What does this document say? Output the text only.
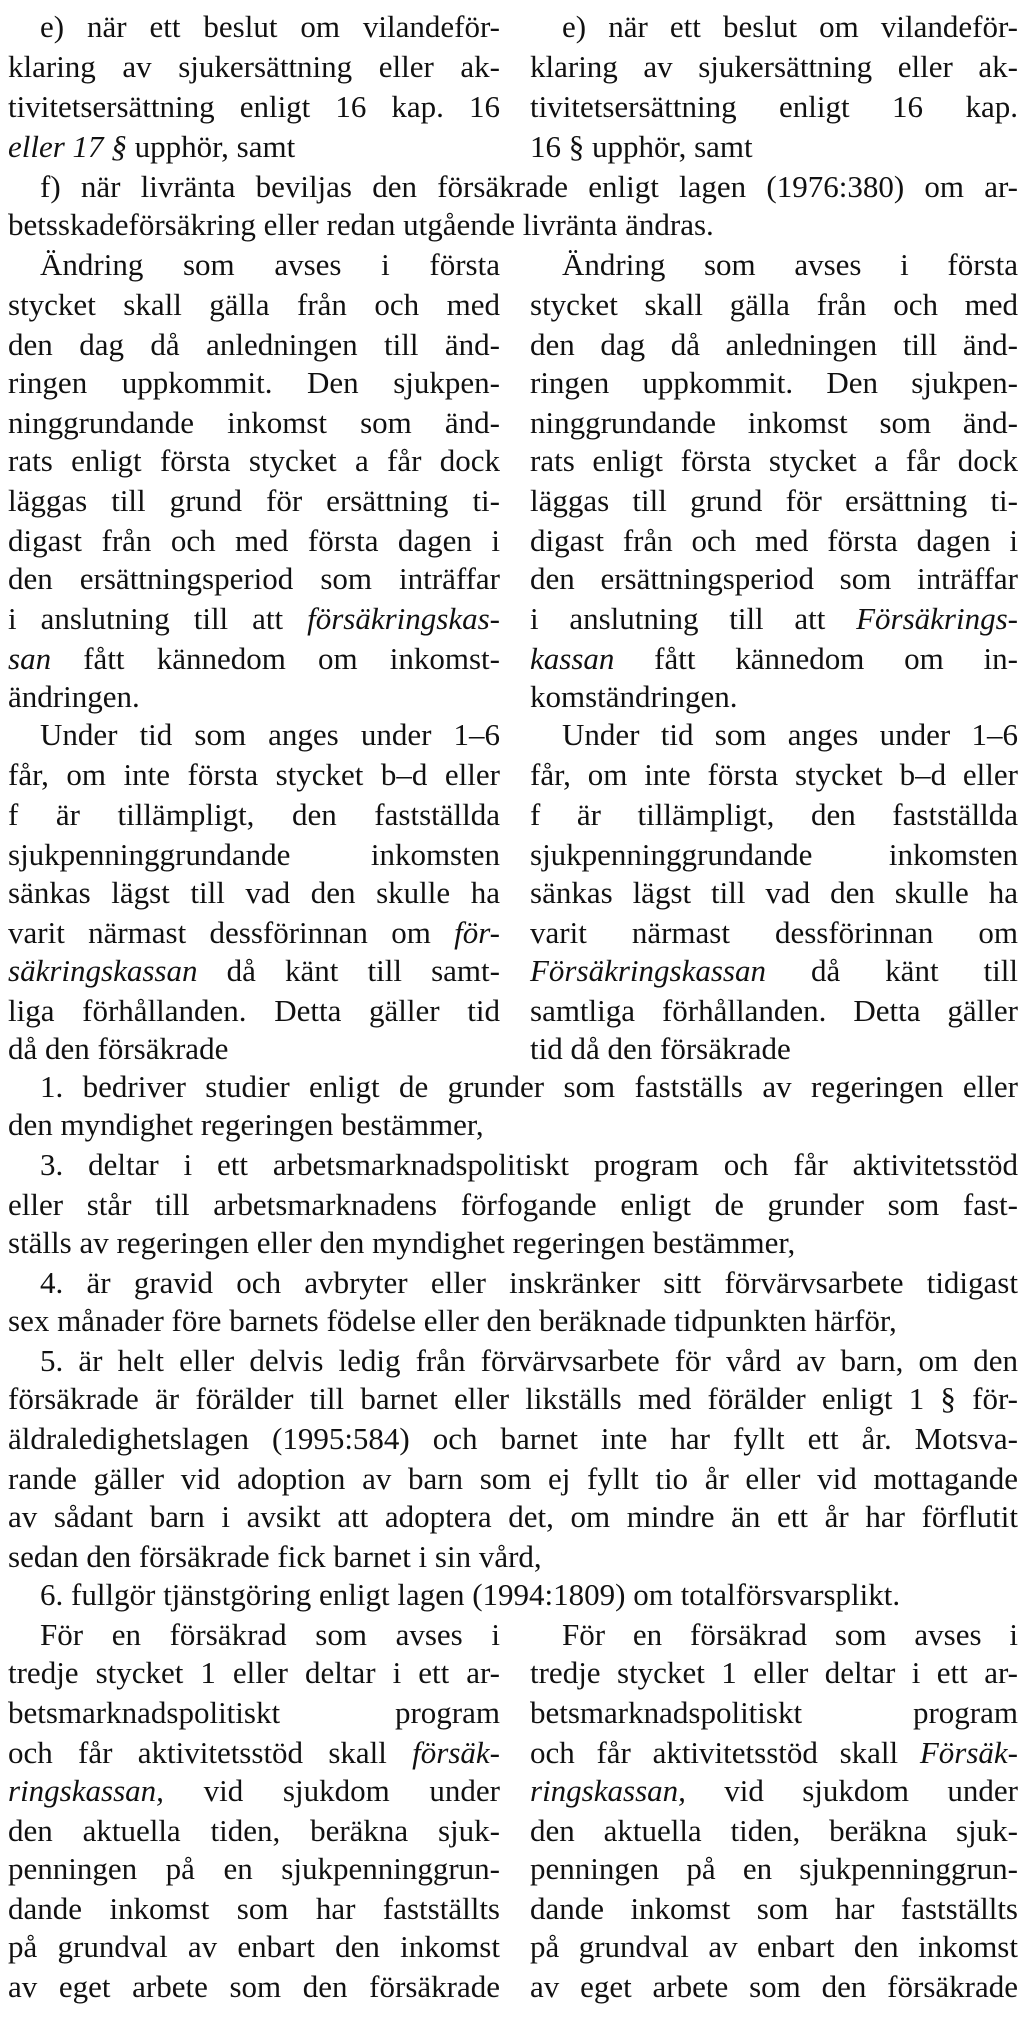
e) när ett beslut om vilandeför-
klaring av sjukersättning eller ak-
tivitetsersättning enligt 16 kap. 16
eller 17 § upphör, samt
e) när ett beslut om vilandeför-
klaring av sjukersättning eller ak-
tivitetsersättning enligt 16 kap.
16 § upphör, samt
f) när livränta beviljas den försäkrade enligt lagen (1976:380) om ar-
betsskadeförsäkring eller redan utgående livränta ändras.
Ändring som avses i första
stycket skall gälla från och med
den dag då anledningen till änd-
ringen uppkommit. Den sjukpen-
ninggrundande inkomst som änd-
rats enligt första stycket a får dock
läggas till grund för ersättning ti-
digast från och med första dagen i
den ersättningsperiod som inträffar
i anslutning till att försäkringskas-
san fått kännedom om inkomst-
ändringen.
Ändring som avses i första
stycket skall gälla från och med
den dag då anledningen till änd-
ringen uppkommit. Den sjukpen-
ninggrundande inkomst som änd-
rats enligt första stycket a får dock
läggas till grund för ersättning ti-
digast från och med första dagen i
den ersättningsperiod som inträffar
i anslutning till att Försäkrings-
kassan fått kännedom om in-
komständringen.
Under tid som anges under 1–6
får, om inte första stycket b–d eller
f är tillämpligt, den fastställda
sjukpenninggrundande inkomsten
sänkas lägst till vad den skulle ha
varit närmast dessförinnan om för-
säkringskassan då känt till samt-
liga förhållanden. Detta gäller tid
då den försäkrade
Under tid som anges under 1–6
får, om inte första stycket b–d eller
f är tillämpligt, den fastställda
sjukpenninggrundande inkomsten
sänkas lägst till vad den skulle ha
varit närmast dessförinnan om
Försäkringskassan då känt till
samtliga förhållanden. Detta gäller
tid då den försäkrade
1. bedriver studier enligt de grunder som fastställs av regeringen eller
den myndighet regeringen bestämmer,
3. deltar i ett arbetsmarknadspolitiskt program och får aktivitetsstöd
eller står till arbetsmarknadens förfogande enligt de grunder som fast-
ställs av regeringen eller den myndighet regeringen bestämmer,
4. är gravid och avbryter eller inskränker sitt förvärvsarbete tidigast
sex månader före barnets födelse eller den beräknade tidpunkten härför,
5. är helt eller delvis ledig från förvärvsarbete för vård av barn, om den
försäkrade är förälder till barnet eller likställs med förälder enligt 1 § för-
äldraledighetslagen (1995:584) och barnet inte har fyllt ett år. Motsva-
rande gäller vid adoption av barn som ej fyllt tio år eller vid mottagande
av sådant barn i avsikt att adoptera det, om mindre än ett år har förflutit
sedan den försäkrade fick barnet i sin vård,
6. fullgör tjänstgöring enligt lagen (1994:1809) om totalförsvarsplikt.
För en försäkrad som avses i
tredje stycket 1 eller deltar i ett ar-
betsmarknadspolitiskt program
och får aktivitetsstöd skall försäk-
ringskassan, vid sjukdom under
den aktuella tiden, beräkna sjuk-
penningen på en sjukpenninggrun-
dande inkomst som har fastställts
på grundval av enbart den inkomst
av eget arbete som den försäkrade
För en försäkrad som avses i
tredje stycket 1 eller deltar i ett ar-
betsmarknadspolitiskt program
och får aktivitetsstöd skall Försäk-
ringskassan, vid sjukdom under
den aktuella tiden, beräkna sjuk-
penningen på en sjukpenninggrun-
dande inkomst som har fastställts
på grundval av enbart den inkomst
av eget arbete som den försäkrade
